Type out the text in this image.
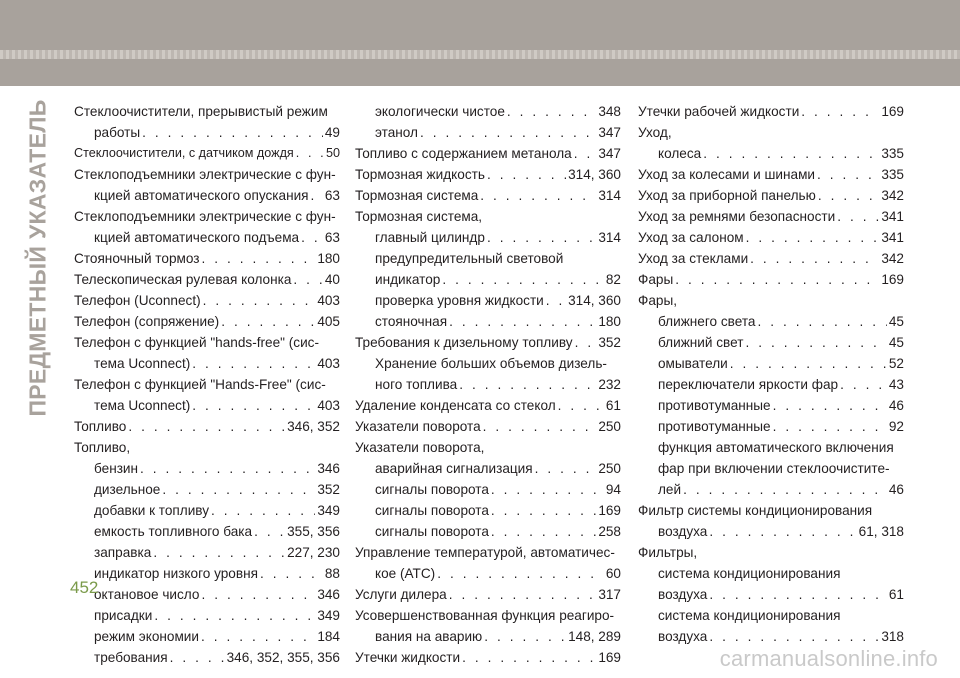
ПРЕДМЕТНЫЙ УКАЗАТЕЛЬ Стеклоочистители, прерывистый режим
работы . . .	49
Стеклоочистители, с датчиком дождя . . .	50
Стеклоподъемники электрические с фун-
кцией автоматического опускания . . . 63
Стеклоподъемники электрические с фун-
кцией автоматического подъема . . . 63
Стояночный тормоз . . .	180
Телескопическая рулевая колонка . . . 40
Телефон (Uconnect) . . .	403
Телефон (сопряжение) . . .	405
Телефон с функцией "hands-free" (сис-
тема Uconnect) . . .	403
Телефон с функцией "Hands-Free" (сис-
тема Uconnect) . . .	403
Топливо . . .	346, 352
Топливо,
бензин . . .	346
дизельное . . .	352
добавки к топливу . . .	349
емкость топливного бака . . .	355, 356
заправка . . .	227, 230
индикатор низкого уровня . . .	88
октановое число . . .	346
присадки . . .	349
режим экономии . . .	184
требования . . .	346, 352, 355, 356
экологически чистое . . .	348
этанол . . .	347
Топливо с содержанием метанола . . . 347
Тормозная жидкость . . .	314, 360
Тормозная система . . .	314
Тормозная система,
главный цилиндр . . .	314
предупредительный световой
индикатор . . .	82
проверка уровня жидкости . . . 314, 360
стояночная . . .	180
Требования к дизельному топливу . . . 352
Хранение больших объемов дизель-
ного топлива . . .	232
Удаление конденсата со стекол . . .	61
Указатели поворота . . .	250
Указатели поворота,
аварийная сигнализация . . .	250
сигналы поворота . . .	94
сигналы поворота . . .	169
сигналы поворота . . .	258
Управление температурой, автоматичес-
кое (АТС) . . .	60
Услуги дилера . . .	317
Усовершенствованная функция реагиро-
вания на аварию . . .	148, 289
Утечки жидкости . . .	169
Утечки рабочей жидкости . . .	169
Уход,
колеса . . .	335
Уход за колесами и шинами . . .	335
Уход за приборной панелью . . .	342
Уход за ремнями безопасности . . .	341
Уход за салоном . . .	341
Уход за стеклами . . .	342
Фары . . .	169
Фары,
ближнего света . . .	45
ближний свет . . .	45
омыватели . . .	52
переключатели яркости фар . . .	43
противотуманные . . .	46
противотуманные . . .	92
функция автоматического включения
фар при включении стеклоочистите-
лей . . .	46
Фильтр системы кондиционирования
воздуха . . .	61, 318
Фильтры,
система кондиционирования
воздуха . . .	61
система кондиционирования
воздуха . . .	318
452
carmanualsonline.info
